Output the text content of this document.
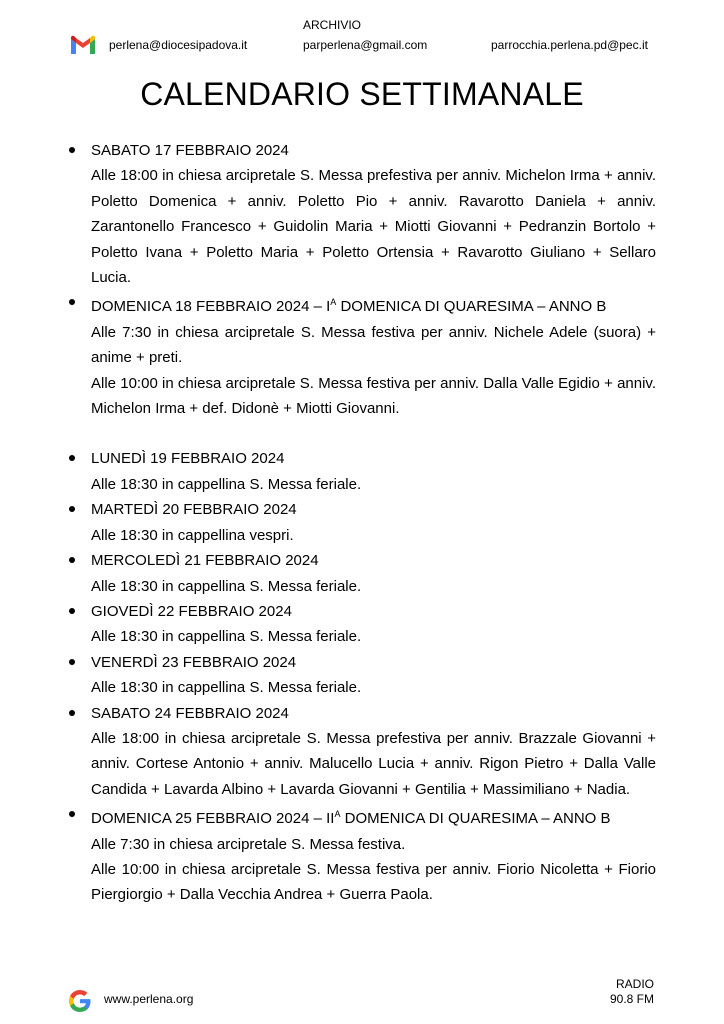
perlena@diocesipadova.it
ARCHIVIO
parperlena@gmail.com	parrocchia.perlena.pd@pec.it
CALENDARIO SETTIMANALE
SABATO 17 FEBBRAIO 2024
Alle 18:00 in chiesa arcipretale S. Messa prefestiva per anniv. Michelon Irma + anniv. Poletto Domenica + anniv. Poletto Pio + anniv. Ravarotto Daniela + anniv. Zarantonello Francesco + Guidolin Maria + Miotti Giovanni + Pedranzin Bortolo + Poletto Ivana + Poletto Maria + Poletto Ortensia + Ravarotto Giuliano + Sellaro Lucia.
DOMENICA 18 FEBBRAIO $2024 - I^A$ DOMENICA DI QUARESIMA – ANNO B
Alle 7:30 in chiesa arcipretale S. Messa festiva per anniv. Nichele Adele (suora) + anime + preti.
Alle 10:00 in chiesa arcipretale S. Messa festiva per anniv. Dalla Valle Egidio + anniv. Michelon Irma + def. Didonè + Miotti Giovanni.
LUNEDÌ 19 FEBBRAIO 2024
Alle 18:30 in cappellina S. Messa feriale.
MARTEDÌ 20 FEBBRAIO 2024
Alle 18:30 in cappellina vespri.
MERCOLEDÌ 21 FEBBRAIO 2024
Alle 18:30 in cappellina S. Messa feriale.
GIOVEDÌ 22 FEBBRAIO 2024
Alle 18:30 in cappellina S. Messa feriale.
VENERDÌ 23 FEBBRAIO 2024
Alle 18:30 in cappellina S. Messa feriale.
SABATO 24 FEBBRAIO 2024
Alle 18:00 in chiesa arcipretale S. Messa prefestiva per anniv. Brazzale Giovanni + anniv. Cortese Antonio + anniv. Malucello Lucia + anniv. Rigon Pietro + Dalla Valle Candida + Lavarda Albino + Lavarda Giovanni + Gentilia + Massimiliano + Nadia.
DOMENICA 25 FEBBRAIO $2024 - II^A$ DOMENICA DI QUARESIMA – ANNO B
Alle 7:30 in chiesa arcipretale S. Messa festiva.
Alle 10:00 in chiesa arcipretale S. Messa festiva per anniv. Fiorio Nicoletta + Fiorio Piergiorgio + Dalla Vecchia Andrea + Guerra Paola.
www.perlena.org
RADIO
90.8 FM
